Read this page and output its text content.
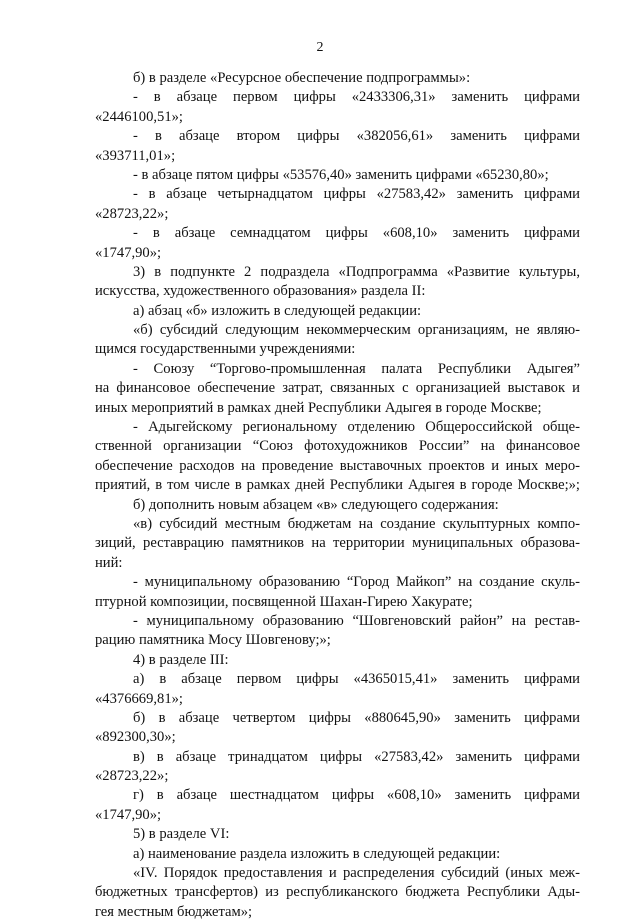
2
б) в разделе «Ресурсное обеспечение подпрограммы»:
- в абзаце первом цифры «2433306,31» заменить цифрами
«2446100,51»;
- в абзаце втором цифры «382056,61» заменить цифрами
«393711,01»;
- в абзаце пятом цифры «53576,40» заменить цифрами «65230,80»;
- в абзаце четырнадцатом цифры «27583,42» заменить цифрами
«28723,22»;
- в абзаце семнадцатом цифры «608,10» заменить цифрами
«1747,90»;
3) в подпункте 2 подраздела «Подпрограмма «Развитие культуры,
искусства, художественного образования» раздела II:
а) абзац «б» изложить в следующей редакции:
«б) субсидий следующим некоммерческим организациям, не являю-
щимся государственными учреждениями:
- Союзу “Торгово-промышленная палата Республики Адыгея”
на финансовое обеспечение затрат, связанных с организацией выставок и
иных мероприятий в рамках дней Республики Адыгея в городе Москве;
- Адыгейскому региональному отделению Общероссийской обще-
ственной организации “Союз фотохудожников России” на финансовое
обеспечение расходов на проведение выставочных проектов и иных меро-
приятий, в том числе в рамках дней Республики Адыгея в городе Москве;»;
б) дополнить новым абзацем «в» следующего содержания:
«в) субсидий местным бюджетам на создание скульптурных компо-
зиций, реставрацию памятников на территории муниципальных образова-
ний:
- муниципальному образованию “Город Майкоп” на создание скуль-
птурной композиции, посвященной Шахан-Гирею Хакурате;
- муниципальному образованию “Шовгеновский район” на рестав-
рацию памятника Мосу Шовгенову;»;
4) в разделе III:
а) в абзаце первом цифры «4365015,41» заменить цифрами
«4376669,81»;
б) в абзаце четвертом цифры «880645,90» заменить цифрами
«892300,30»;
в) в абзаце тринадцатом цифры «27583,42» заменить цифрами
«28723,22»;
г) в абзаце шестнадцатом цифры «608,10» заменить цифрами
«1747,90»;
5) в разделе VI:
а) наименование раздела изложить в следующей редакции:
«IV. Порядок предоставления и распределения субсидий (иных меж-
бюджетных трансфертов) из республиканского бюджета Республики Ады-
гея местным бюджетам»;
